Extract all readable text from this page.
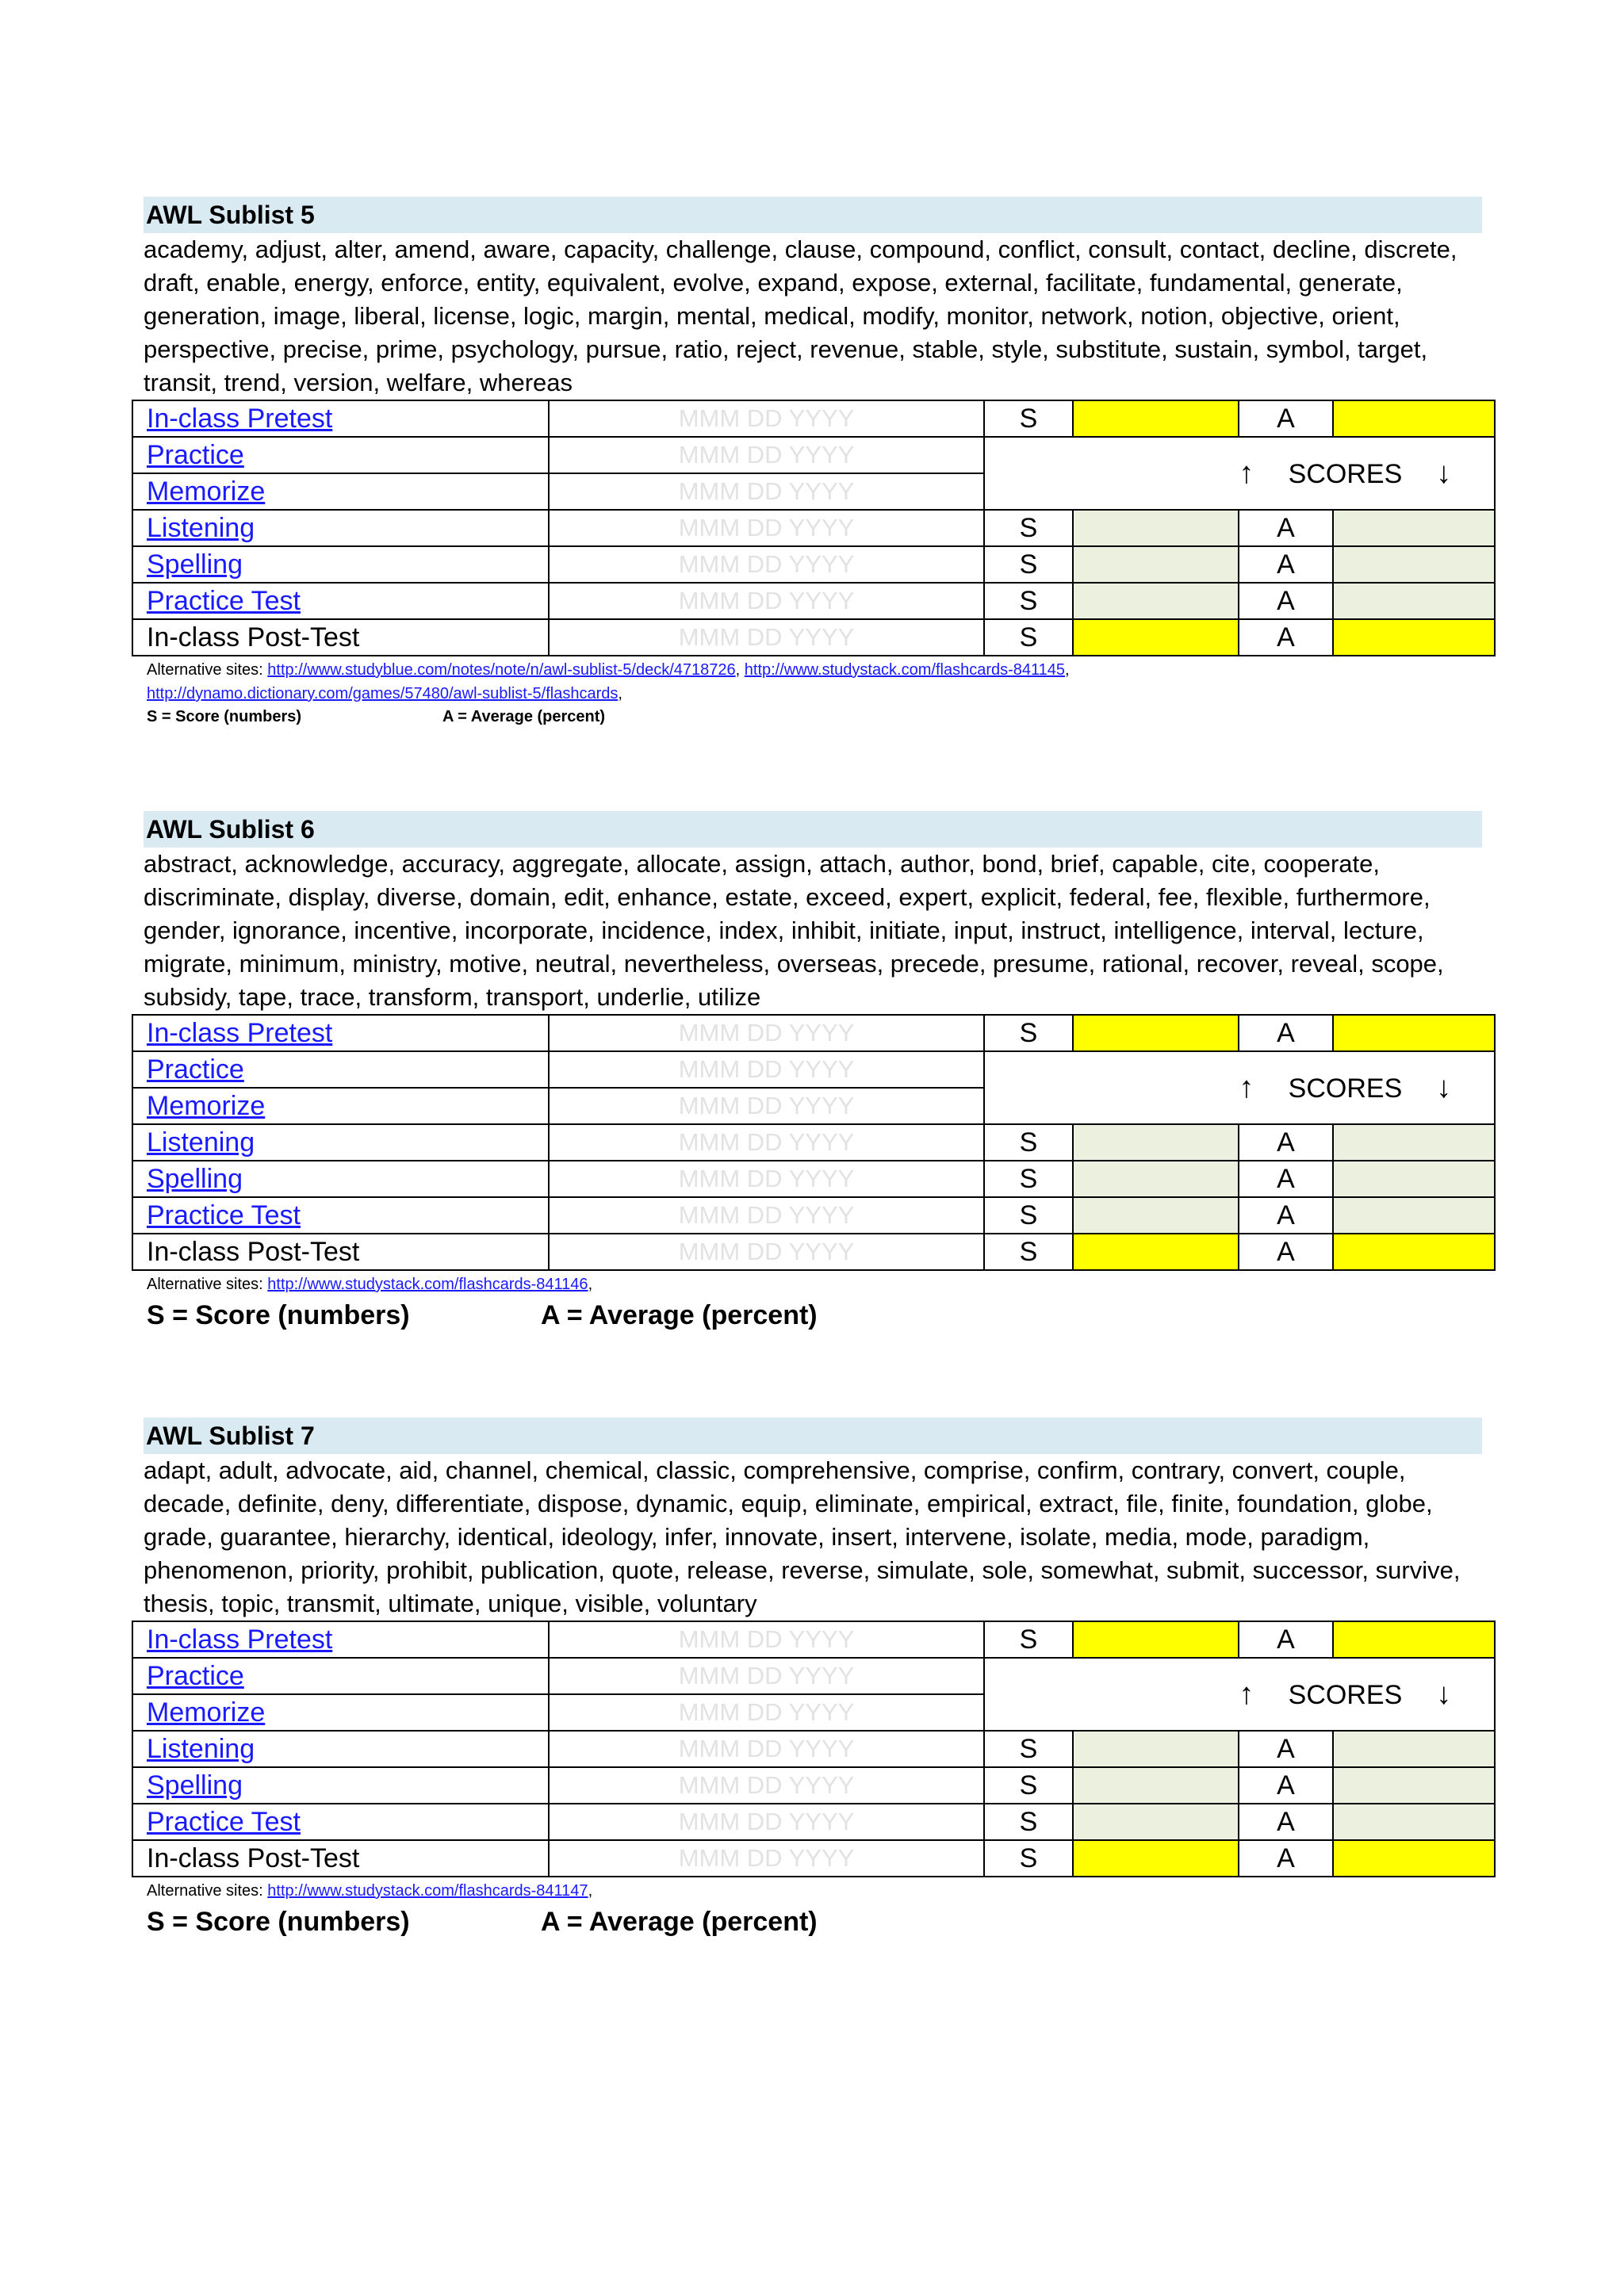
AWL Sublist 5
academy, adjust, alter, amend, aware, capacity, challenge, clause, compound, conflict, consult, contact, decline, discrete, draft, enable, energy, enforce, entity, equivalent, evolve, expand, expose, external, facilitate, fundamental, generate, generation, image, liberal, license, logic, margin, mental, medical, modify, monitor, network, notion, objective, orient, perspective, precise, prime, psychology, pursue, ratio, reject, revenue, stable, style, substitute, sustain, symbol, target, transit, trend, version, welfare, whereas
In-class Pretest	MMM DD YYYY	S		A	
Practice	MMM DD YYYY	↑ SCORES ↓			
Memorize	MMM DD YYYY				
Listening	MMM DD YYYY	S		A	
Spelling	MMM DD YYYY	S		A	
Practice Test	MMM DD YYYY	S		A	
In-class Post-Test	MMM DD YYYY	S		A	
Alternative sites: http://www.studyblue.com/notes/note/n/awl-sublist-5/deck/4718726, http://www.studystack.com/flashcards-841145,
http://dynamo.dictionary.com/games/57480/awl-sublist-5/flashcards,
S = Score (numbers)	A = Average (percent)
AWL Sublist 6
abstract, acknowledge, accuracy, aggregate, allocate, assign, attach, author, bond, brief, capable, cite, cooperate, discriminate, display, diverse, domain, edit, enhance, estate, exceed, expert, explicit, federal, fee, flexible, furthermore, gender, ignorance, incentive, incorporate, incidence, index, inhibit, initiate, input, instruct, intelligence, interval, lecture, migrate, minimum, ministry, motive, neutral, nevertheless, overseas, precede, presume, rational, recover, reveal, scope, subsidy, tape, trace, transform, transport, underlie, utilize
In-class Pretest	MMM DD YYYY	S		A	
Practice	MMM DD YYYY	↑ SCORES ↓			
Memorize	MMM DD YYYY				
Listening	MMM DD YYYY	S		A	
Spelling	MMM DD YYYY	S		A	
Practice Test	MMM DD YYYY	S		A	
In-class Post-Test	MMM DD YYYY	S		A	
Alternative sites: http://www.studystack.com/flashcards-841146,
S = Score (numbers)	A = Average (percent)
AWL Sublist 7
adapt, adult, advocate, aid, channel, chemical, classic, comprehensive, comprise, confirm, contrary, convert, couple, decade, definite, deny, differentiate, dispose, dynamic, equip, eliminate, empirical, extract, file, finite, foundation, globe, grade, guarantee, hierarchy, identical, ideology, infer, innovate, insert, intervene, isolate, media, mode, paradigm, phenomenon, priority, prohibit, publication, quote, release, reverse, simulate, sole, somewhat, submit, successor, survive, thesis, topic, transmit, ultimate, unique, visible, voluntary
In-class Pretest	MMM DD YYYY	S		A	
Practice	MMM DD YYYY	↑ SCORES ↓			
Memorize	MMM DD YYYY				
Listening	MMM DD YYYY	S		A	
Spelling	MMM DD YYYY	S		A	
Practice Test	MMM DD YYYY	S		A	
In-class Post-Test	MMM DD YYYY	S		A	
Alternative sites: http://www.studystack.com/flashcards-841147,
S = Score (numbers)	A = Average (percent)
